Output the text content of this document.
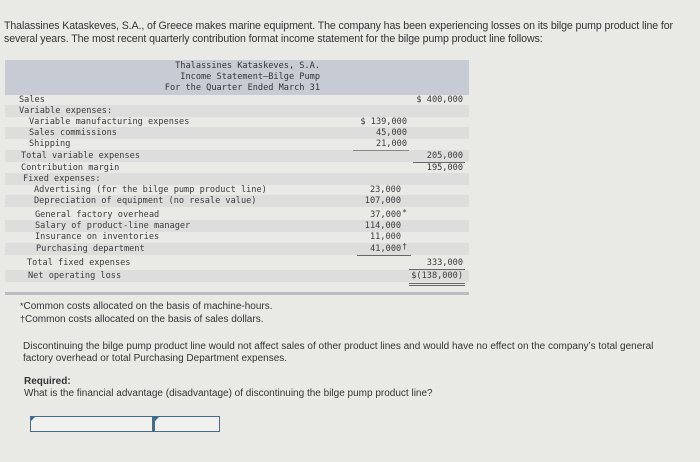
Thalassines Kataskeves, S.A., of Greece makes marine equipment. The company has been experiencing losses on its bilge pump product line for several years. The most recent quarterly contribution format income statement for the bilge pump product line follows:
Thalassines Kataskeves, S.A.
Income Statement—Bilge Pump
For the Quarter Ended March 31
Sales	$ 400,000
Variable expenses:
Variable manufacturing expenses	$ 139,000
Sales commissions	45,000
Shipping	21,000
Total variable expenses	205,000
Contribution margin	195,000
Fixed expenses:
Advertising (for the bilge pump product line)	23,000
Depreciation of equipment (no resale value)	107,000
General factory overhead	37,000*
Salary of product-line manager	114,000
Insurance on inventories	11,000
Purchasing department	41,000†
Total fixed expenses	333,000
Net operating loss	$(138,000)
*Common costs allocated on the basis of machine-hours.
†Common costs allocated on the basis of sales dollars.
Discontinuing the bilge pump product line would not affect sales of other product lines and would have no effect on the company’s total general factory overhead or total Purchasing Department expenses.
Required:
What is the financial advantage (disadvantage) of discontinuing the bilge pump product line?
